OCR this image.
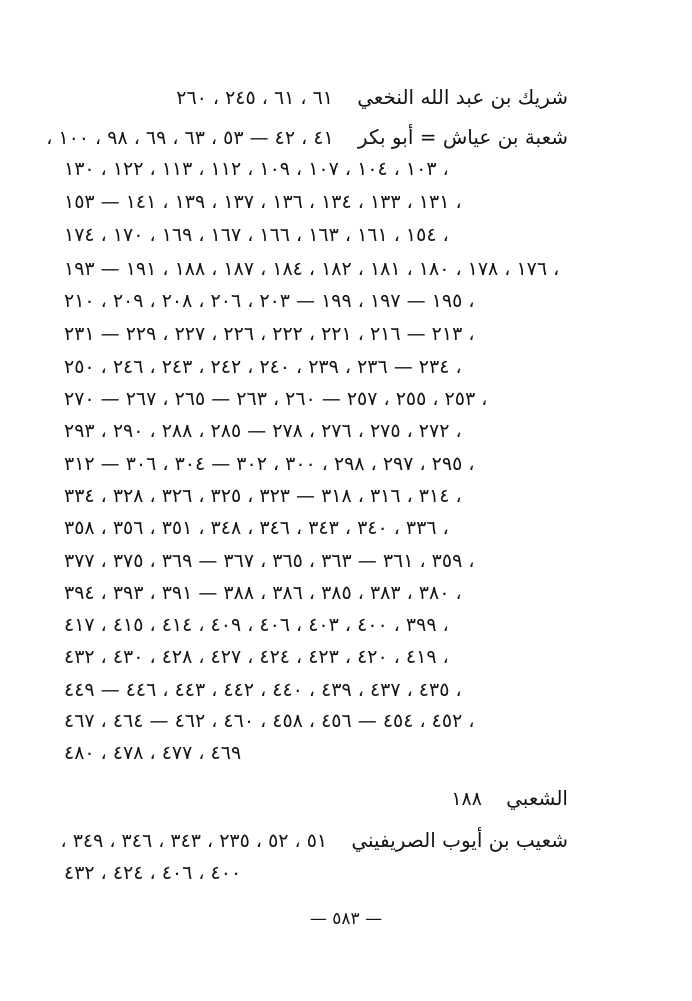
شريك بن عبد الله النخعي    ٦١ ، ٦١ ، ٢٤٥ ، ٢٦٠
شعبة بن عياش = أبو بكر    ٤١ ، ٤٢ — ٥٣ ، ٦٣ ، ٦٩ ، ٩٨ ، ١٠٠ ،
١٠٣ ، ١٠٤ ، ١٠٧ ، ١٠٩ ، ١١٢ ، ١١٣ ، ١٢٢ ، ١٣٠ ،
١٣١ ، ١٣٣ ، ١٣٤ ، ١٣٦ ، ١٣٧ ، ١٣٩ ، ١٤١ — ١٥٣ ،
١٥٤ ، ١٦١ ، ١٦٣ ، ١٦٦ ، ١٦٧ ، ١٦٩ ، ١٧٠ ، ١٧٤ ،
١٧٦ ، ١٧٨ ، ١٨٠ ، ١٨١ ، ١٨٢ ، ١٨٤ ، ١٨٧ ، ١٨٨ ، ١٩١ — ١٩٣ ،
١٩٥ — ١٩٧ ، ١٩٩ — ٢٠٣ ، ٢٠٦ ، ٢٠٨ ، ٢٠٩ ، ٢١٠ ،
٢١٣ — ٢١٦ ، ٢٢١ ، ٢٢٢ ، ٢٢٦ ، ٢٢٧ ، ٢٢٩ — ٢٣١ ،
٢٣٤ — ٢٣٦ ، ٢٣٩ ، ٢٤٠ ، ٢٤٢ ، ٢٤٣ ، ٢٤٦ ، ٢٥٠ ،
٢٥٣ ، ٢٥٥ ، ٢٥٧ — ٢٦٠ ، ٢٦٣ — ٢٦٥ ، ٢٦٧ — ٢٧٠ ،
٢٧٢ ، ٢٧٥ ، ٢٧٦ ، ٢٧٨ — ٢٨٥ ، ٢٨٨ ، ٢٩٠ ، ٢٩٣ ،
٢٩٥ ، ٢٩٧ ، ٢٩٨ ، ٣٠٠ ، ٣٠٢ — ٣٠٤ ، ٣٠٦ — ٣١٢ ،
٣١٤ ، ٣١٦ ، ٣١٨ — ٣٢٣ ، ٣٢٥ ، ٣٢٦ ، ٣٢٨ ، ٣٣٤ ،
٣٣٦ ، ٣٤٠ ، ٣٤٣ ، ٣٤٦ ، ٣٤٨ ، ٣٥١ ، ٣٥٦ ، ٣٥٨ ،
٣٥٩ ، ٣٦١ — ٣٦٣ ، ٣٦٥ ، ٣٦٧ — ٣٦٩ ، ٣٧٥ ، ٣٧٧ ،
٣٨٠ ، ٣٨٣ ، ٣٨٥ ، ٣٨٦ ، ٣٨٨ — ٣٩١ ، ٣٩٣ ، ٣٩٤ ،
٣٩٩ ، ٤٠٠ ، ٤٠٣ ، ٤٠٦ ، ٤٠٩ ، ٤١٤ ، ٤١٥ ، ٤١٧ ،
٤١٩ ، ٤٢٠ ، ٤٢٣ ، ٤٢٤ ، ٤٢٧ ، ٤٢٨ ، ٤٣٠ ، ٤٣٢ ،
٤٣٥ ، ٤٣٧ ، ٤٣٩ ، ٤٤٠ ، ٤٤٢ ، ٤٤٣ ، ٤٤٦ — ٤٤٩ ،
٤٥٢ ، ٤٥٤ — ٤٥٦ ، ٤٥٨ ، ٤٦٠ ، ٤٦٢ — ٤٦٤ ، ٤٦٧ ،
٤٦٩ ، ٤٧٧ ، ٤٧٨ ، ٤٨٠
الشعبي    ١٨٨
شعيب بن أيوب الصريفيني    ٥١ ، ٥٢ ، ٢٣٥ ، ٣٤٣ ، ٣٤٦ ، ٣٤٩ ،
٤٠٠ ، ٤٠٦ ، ٤٢٤ ، ٤٣٢
— ٥٨٣ —
